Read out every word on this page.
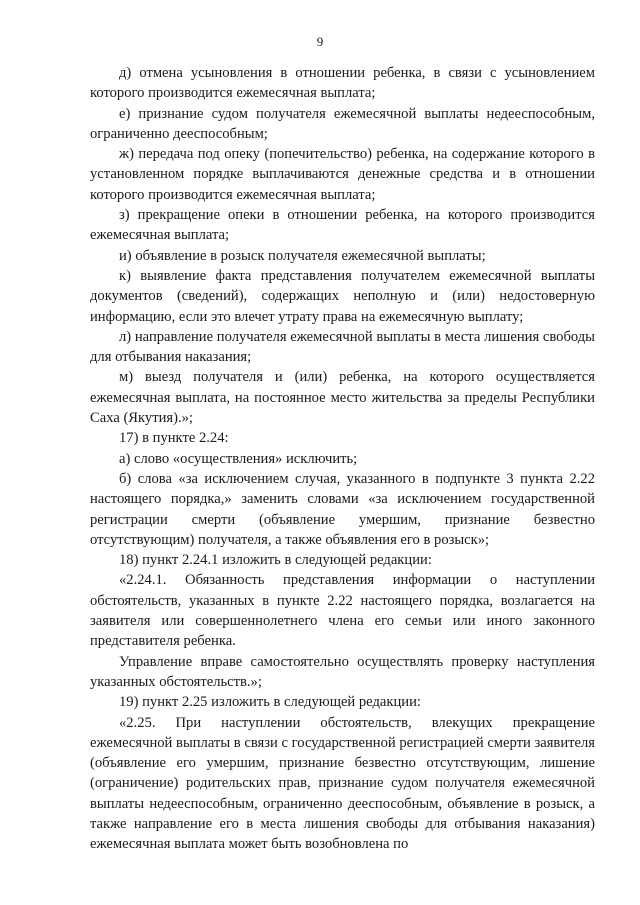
9

д) отмена усыновления в отношении ребенка, в связи с усыновлением которого производится ежемесячная выплата;

е) признание судом получателя ежемесячной выплаты недееспособным, ограниченно дееспособным;

ж) передача под опеку (попечительство) ребенка, на содержание которого в установленном порядке выплачиваются денежные средства и в отношении которого производится ежемесячная выплата;

з) прекращение опеки в отношении ребенка, на которого производится ежемесячная выплата;

и) объявление в розыск получателя ежемесячной выплаты;

к) выявление факта представления получателем ежемесячной выплаты документов (сведений), содержащих неполную и (или) недостоверную информацию, если это влечет утрату права на ежемесячную выплату;

л) направление получателя ежемесячной выплаты в места лишения свободы для отбывания наказания;

м) выезд получателя и (или) ребенка, на которого осуществляется ежемесячная выплата, на постоянное место жительства за пределы Республики Саха (Якутия).»;

17) в пункте 2.24:

а) слово «осуществления» исключить;

б) слова «за исключением случая, указанного в подпункте 3 пункта 2.22 настоящего порядка,» заменить словами «за исключением государственной регистрации смерти (объявление умершим, признание безвестно отсутствующим) получателя, а также объявления его в розыск»;

18) пункт 2.24.1 изложить в следующей редакции:

«2.24.1. Обязанность представления информации о наступлении обстоятельств, указанных в пункте 2.22 настоящего порядка, возлагается на заявителя или совершеннолетнего члена его семьи или иного законного представителя ребенка.

Управление вправе самостоятельно осуществлять проверку наступления указанных обстоятельств.»;

19) пункт 2.25 изложить в следующей редакции:

«2.25. При наступлении обстоятельств, влекущих прекращение ежемесячной выплаты в связи с государственной регистрацией смерти заявителя (объявление его умершим, признание безвестно отсутствующим, лишение (ограничение) родительских прав, признание судом получателя ежемесячной выплаты недееспособным, ограниченно дееспособным, объявление в розыск, а также направление его в места лишения свободы для отбывания наказания) ежемесячная выплата может быть возобновлена по
